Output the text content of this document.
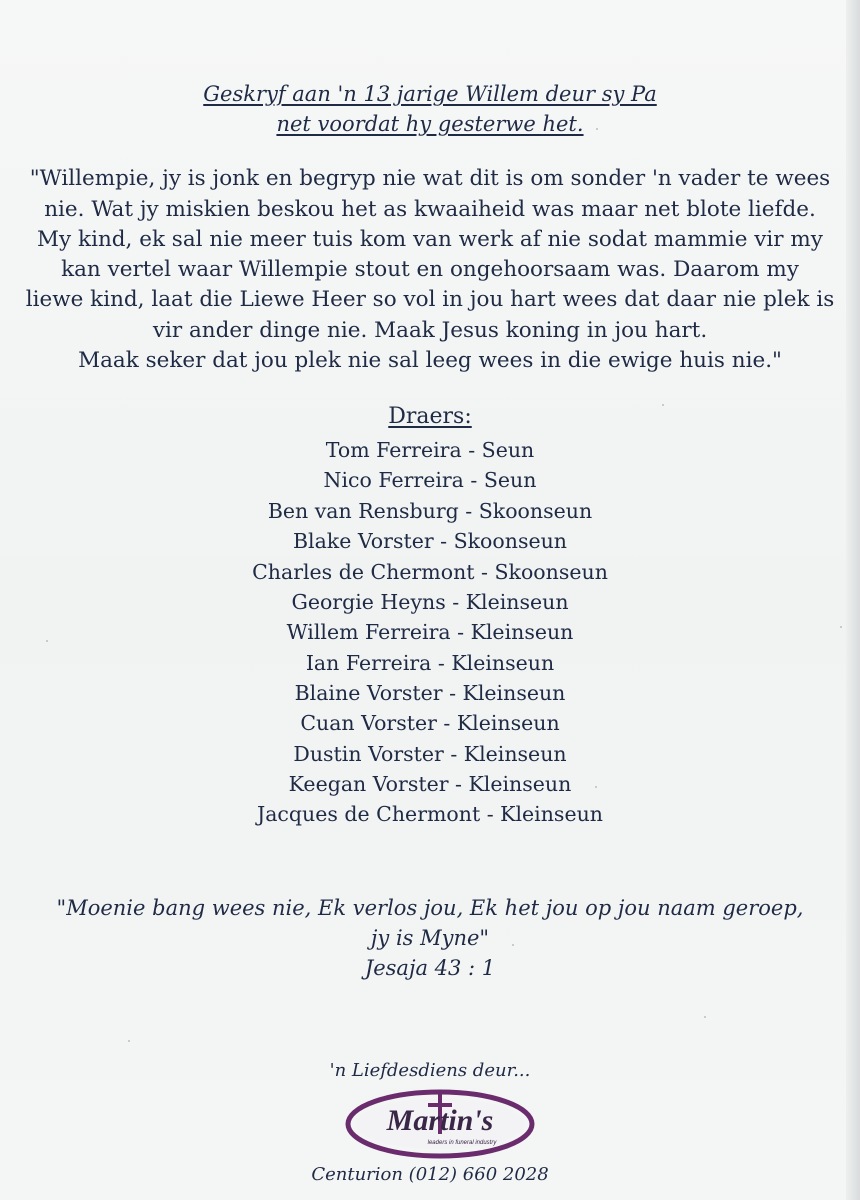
Geskryf aan 'n 13 jarige Willem deur sy Pa
net voordat hy gesterwe het.
"Willempie, jy is jonk en begryp nie wat dit is om sonder 'n vader te wees
nie. Wat jy miskien beskou het as kwaaiheid was maar net blote liefde.
My kind, ek sal nie meer tuis kom van werk af nie sodat mammie vir my
kan vertel waar Willempie stout en ongehoorsaam was. Daarom my
liewe kind, laat die Liewe Heer so vol in jou hart wees dat daar nie plek is
vir ander dinge nie. Maak Jesus koning in jou hart.
Maak seker dat jou plek nie sal leeg wees in die ewige huis nie."
Draers:
Tom Ferreira - Seun
Nico Ferreira - Seun
Ben van Rensburg - Skoonseun
Blake Vorster - Skoonseun
Charles de Chermont - Skoonseun
Georgie Heyns - Kleinseun
Willem Ferreira - Kleinseun
Ian Ferreira - Kleinseun
Blaine Vorster - Kleinseun
Cuan Vorster - Kleinseun
Dustin Vorster - Kleinseun
Keegan Vorster - Kleinseun
Jacques de Chermont - Kleinseun
"Moenie bang wees nie, Ek verlos jou, Ek het jou op jou naam geroep,
jy is Myne"
Jesaja 43 : 1
'n Liefdesdiens deur...
Martin's
leaders in funeral industry
Centurion (012) 660 2028
